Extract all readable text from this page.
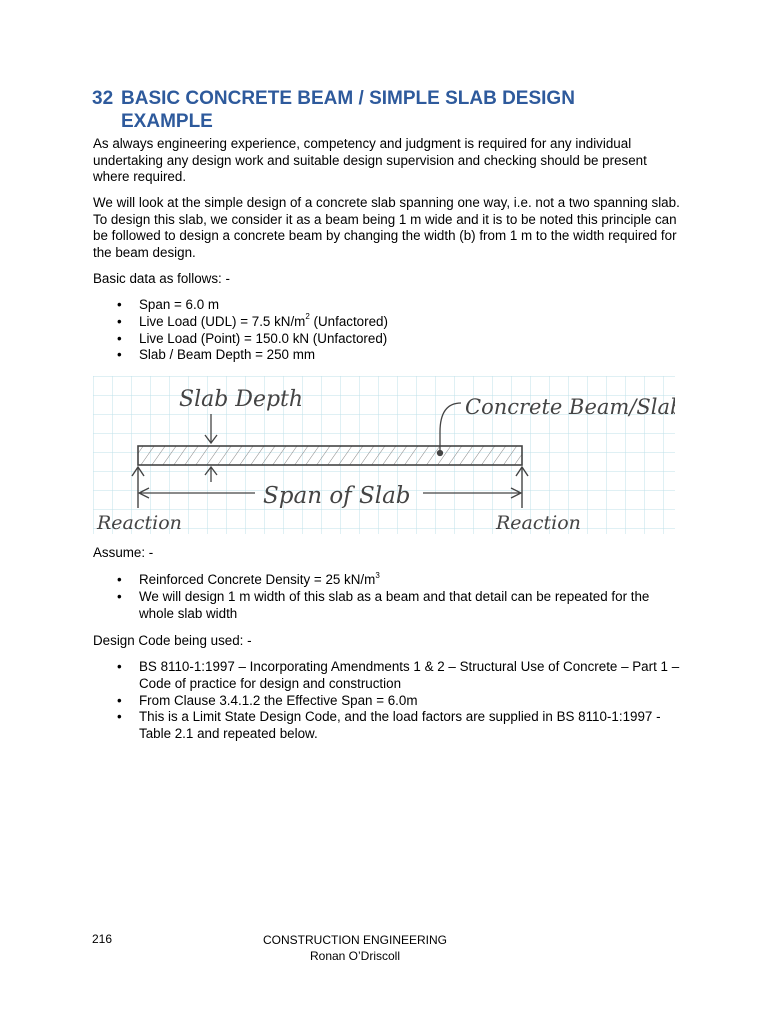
32 BASIC CONCRETE BEAM / SIMPLE SLAB DESIGN
EXAMPLE

As always engineering experience, competency and judgment is required for any individual undertaking any design work and suitable design supervision and checking should be present where required.

We will look at the simple design of a concrete slab spanning one way, i.e. not a two spanning slab. To design this slab, we consider it as a beam being 1 m wide and it is to be noted this principle can be followed to design a concrete beam by changing the width (b) from 1 m to the width required for the beam design.

Basic data as follows: -

• Span = 6.0 m
• Live Load (UDL) = 7.5 $kN/m^2$ (Unfactored)
• Live Load (Point) = 150.0 kN (Unfactored)
• Slab / Beam Depth = 250 mm
Slab Depth	Concrete Beam/Slab
Span of Slab
Reaction	Reaction

Assume: -

• Reinforced Concrete Density = 25 $kN/m^3$
• We will design 1 m width of this slab as a beam and that detail can be repeated for the whole slab width

Design Code being used: -

• BS 8110-1:1997 – Incorporating Amendments 1 & 2 – Structural Use of Concrete – Part 1 – Code of practice for design and construction
• From Clause 3.4.1.2 the Effective Span = 6.0m
• This is a Limit State Design Code, and the load factors are supplied in BS 8110-1:1997 - Table 2.1 and repeated below.
216	CONSTRUCTION ENGINEERING
Ronan O’Driscoll
